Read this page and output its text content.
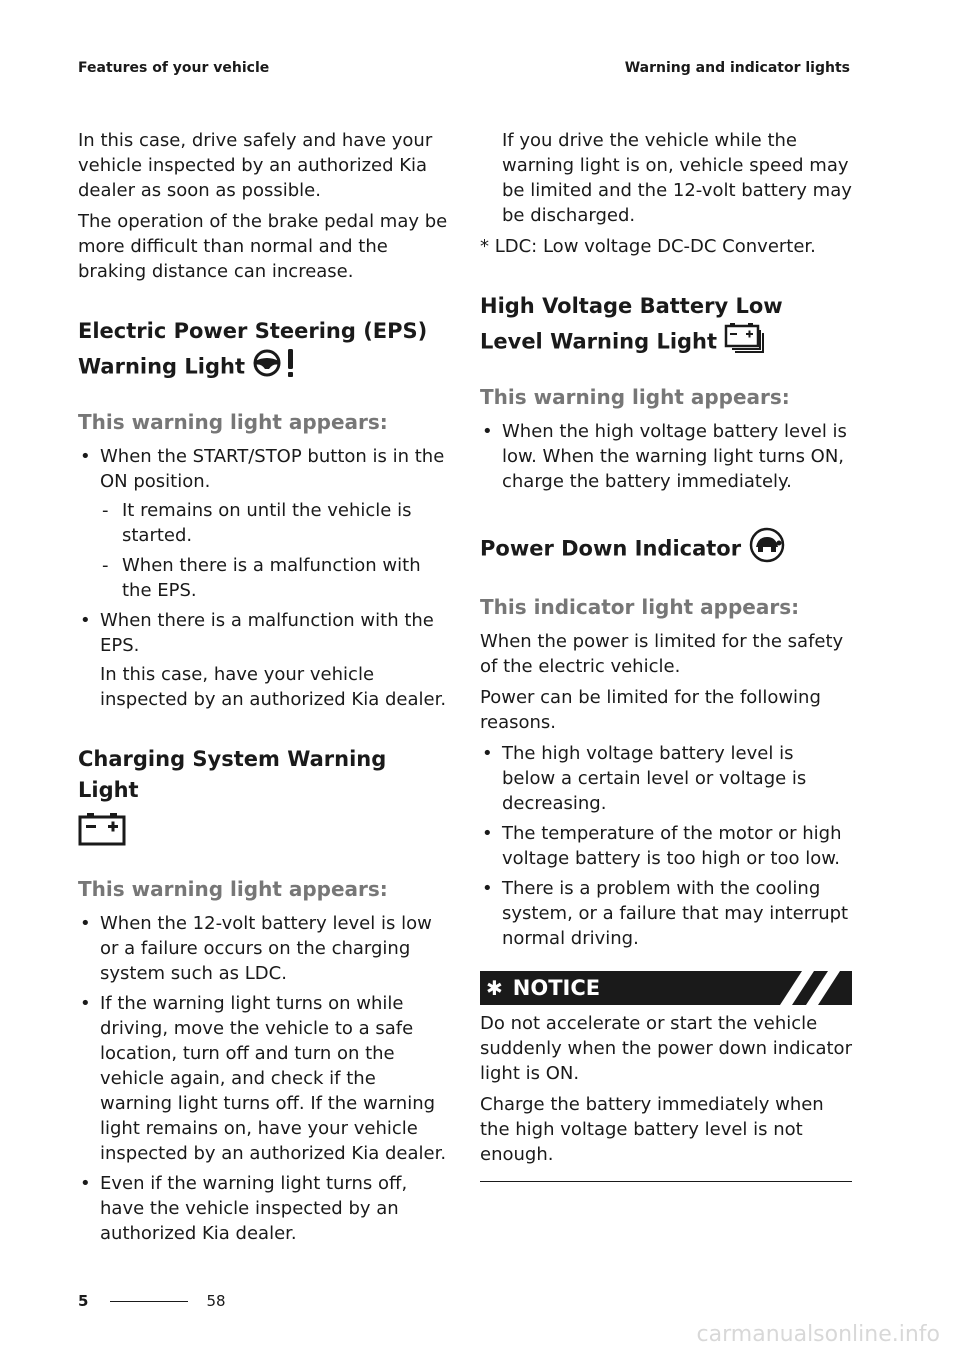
Features of your vehicle	Warning and indicator lights

In this case, drive safely and have your vehicle inspected by an authorized Kia dealer as soon as possible.

The operation of the brake pedal may be more difficult than normal and the braking distance can increase.

Electric Power Steering (EPS) Warning Light
This warning light appears:
• When the START/STOP button is in the ON position.
- It remains on until the vehicle is started.
- When there is a malfunction with the EPS.
• When there is a malfunction with the EPS.

In this case, have your vehicle inspected by an authorized Kia dealer.

Charging System Warning Light

This warning light appears:
• When the 12-volt battery level is low or a failure occurs on the charging system such as LDC.
• If the warning light turns on while driving, move the vehicle to a safe location, turn off and turn on the vehicle again, and check if the warning light turns off. If the warning light remains on, have your vehicle inspected by an authorized Kia dealer.
• Even if the warning light turns off, have the vehicle inspected by an authorized Kia dealer.

If you drive the vehicle while the warning light is on, vehicle speed may be limited and the 12-volt battery may be discharged.

* LDC: Low voltage DC-DC Converter.

High Voltage Battery Low Level Warning Light
This warning light appears:
• When the high voltage battery level is low. When the warning light turns ON, charge the battery immediately.
Power Down Indicator
This indicator light appears:

When the power is limited for the safety of the electric vehicle.

Power can be limited for the following reasons.

• The high voltage battery level is below a certain level or voltage is decreasing.
• The temperature of the motor or high voltage battery is too high or too low.
• There is a problem with the cooling system, or a failure that may interrupt normal driving.
✱ NOTICE

Do not accelerate or start the vehicle suddenly when the power down indicator light is ON.

Charge the battery immediately when the high voltage battery level is not enough.

5	58
carmanualsonline.info
